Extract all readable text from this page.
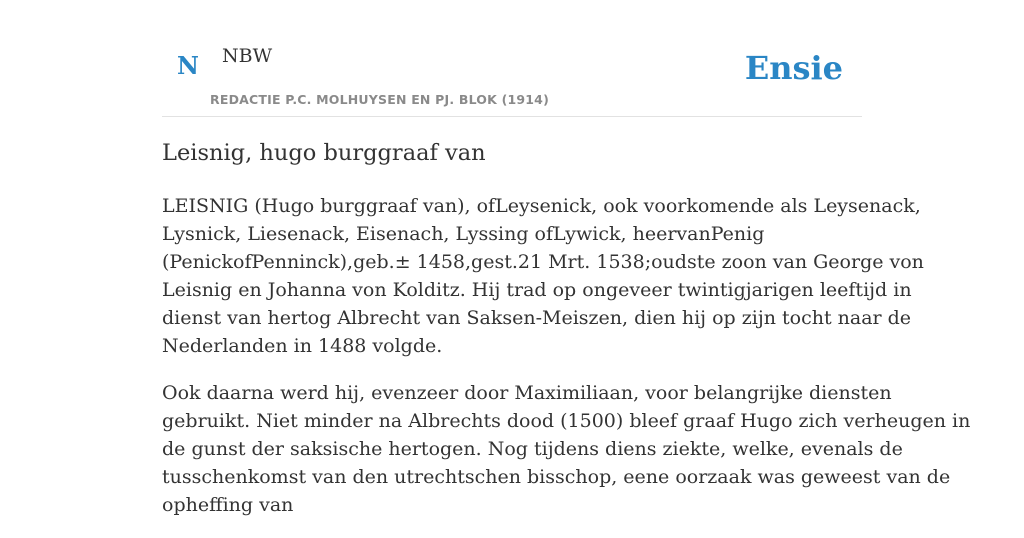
N NBW
REDACTIE P.C. MOLHUYSEN EN PJ. BLOK (1914)
Ensie
Leisnig, hugo burggraaf van

LEISNIG (Hugo burggraaf van), ofLeysenick, ook voorkomende als Leysenack,
Lysnick, Liesenack, Eisenach, Lyssing ofLywick, heervanPenig
(PenickofPenninck),geb.± 1458,gest.21 Mrt. 1538;oudste zoon van George von
Leisnig en Johanna von Kolditz. Hij trad op ongeveer twintigjarigen leeftijd in
dienst van hertog Albrecht van Saksen-Meiszen, dien hij op zijn tocht naar de
Nederlanden in 1488 volgde.

Ook daarna werd hij, evenzeer door Maximiliaan, voor belangrijke diensten
gebruikt. Niet minder na Albrechts dood (1500) bleef graaf Hugo zich verheugen in
de gunst der saksische hertogen. Nog tijdens diens ziekte, welke, evenals de
tusschenkomst van den utrechtschen bisschop, eene oorzaak was geweest van de
opheffing van
